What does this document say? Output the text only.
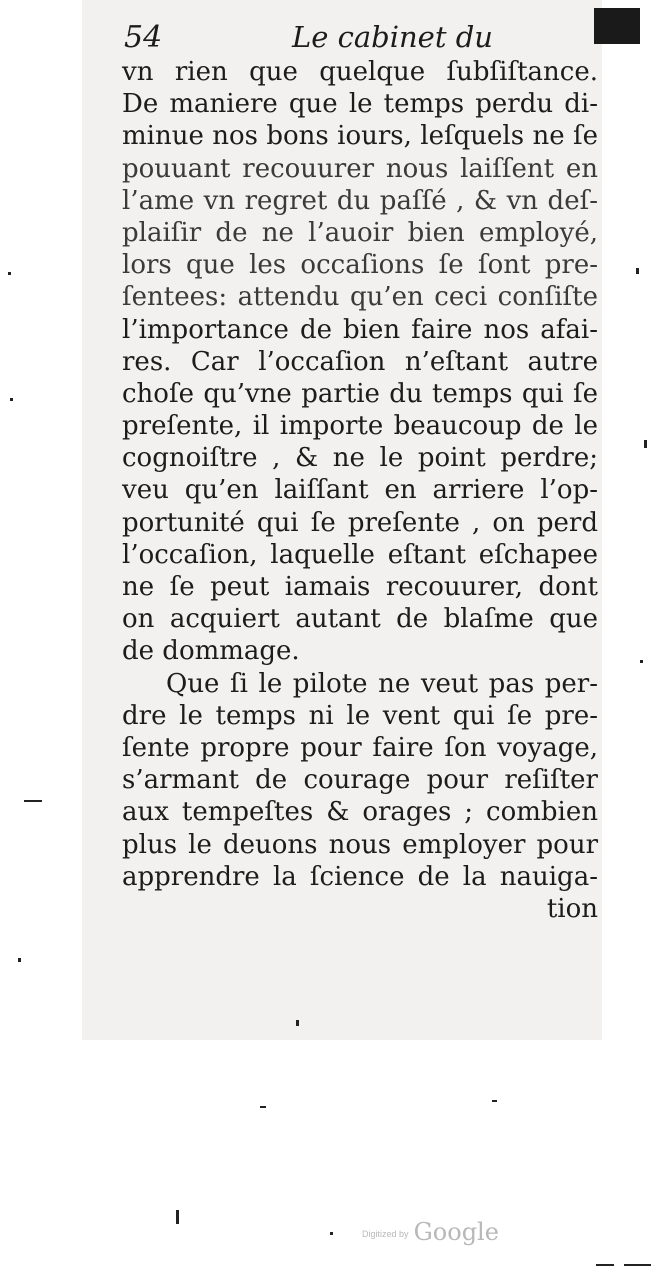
54	Le cabinet du
vn rien que quelque ſubſiſtance.
De maniere que le temps perdu di-
minue nos bons iours, leſquels ne ſe
pouuant recouurer nous laiſſent en
l’ame vn regret du paſſé , & vn deſ-
plaiſir de ne l’auoir bien employé,
lors que les occaſions ſe ſont pre-
ſentees: attendu qu’en ceci conſiſte
l’importance de bien faire nos afai-
res. Car l’occaſion n’eſtant autre
choſe qu’vne partie du temps qui ſe
preſente, il importe beaucoup de le
cognoiſtre , & ne le point perdre;
veu qu’en laiſſant en arriere l’op-
portunité qui ſe preſente , on perd
l’occaſion, laquelle eſtant eſchapee
ne ſe peut iamais recouurer, dont
on acquiert autant de blaſme que
de dommage.
Que ſi le pilote ne veut pas per-
dre le temps ni le vent qui ſe pre-
ſente propre pour faire ſon voyage,
s’armant de courage pour reſiſter
aux tempeſtes & orages ; combien
plus le deuons nous employer pour
apprendre la ſcience de la nauiga-
tion
Digitized by Google
